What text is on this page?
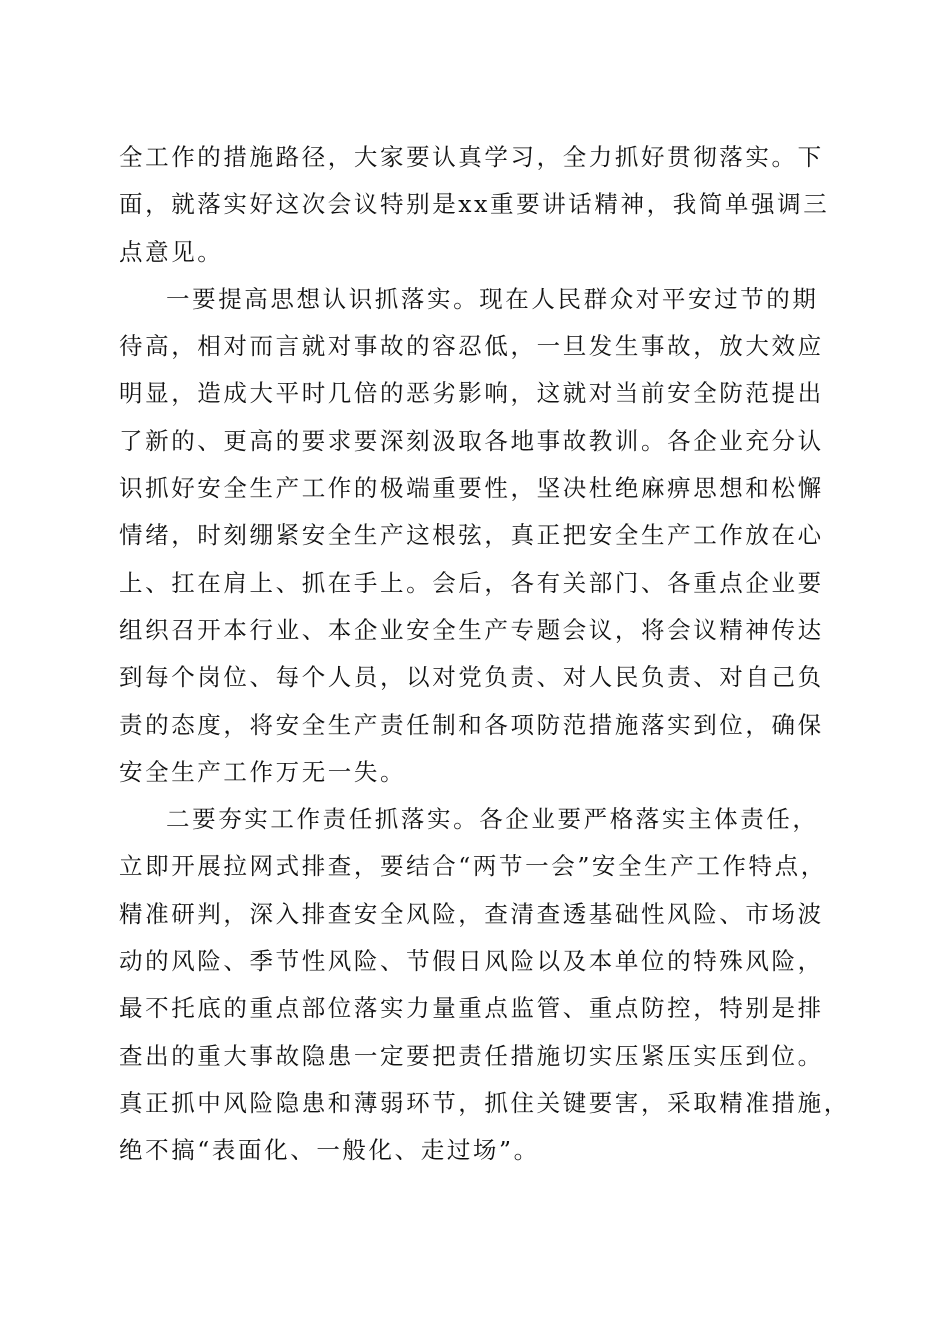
全工作的措施路径，大家要认真学习，全力抓好贯彻落实。下
面，就落实好这次会议特别是xx重要讲话精神，我简单强调三
点意见。

一要提高思想认识抓落实。现在人民群众对平安过节的期
待高，相对而言就对事故的容忍低，一旦发生事故，放大效应
明显，造成大平时几倍的恶劣影响，这就对当前安全防范提出
了新的、更高的要求要深刻汲取各地事故教训。各企业充分认
识抓好安全生产工作的极端重要性，坚决杜绝麻痹思想和松懈
情绪，时刻绷紧安全生产这根弦，真正把安全生产工作放在心
上、扛在肩上、抓在手上。会后，各有关部门、各重点企业要
组织召开本行业、本企业安全生产专题会议，将会议精神传达
到每个岗位、每个人员，以对党负责、对人民负责、对自己负
责的态度，将安全生产责任制和各项防范措施落实到位，确保
安全生产工作万无一失。

二要夯实工作责任抓落实。各企业要严格落实主体责任，
立即开展拉网式排查，要结合“两节一会”安全生产工作特点，
精准研判，深入排查安全风险，查清查透基础性风险、市场波
动的风险、季节性风险、节假日风险以及本单位的特殊风险，
最不托底的重点部位落实力量重点监管、重点防控，特别是排
查出的重大事故隐患一定要把责任措施切实压紧压实压到位。
真正抓中风险隐患和薄弱环节，抓住关键要害，采取精准措施，
绝不搞“表面化、一般化、走过场”。
